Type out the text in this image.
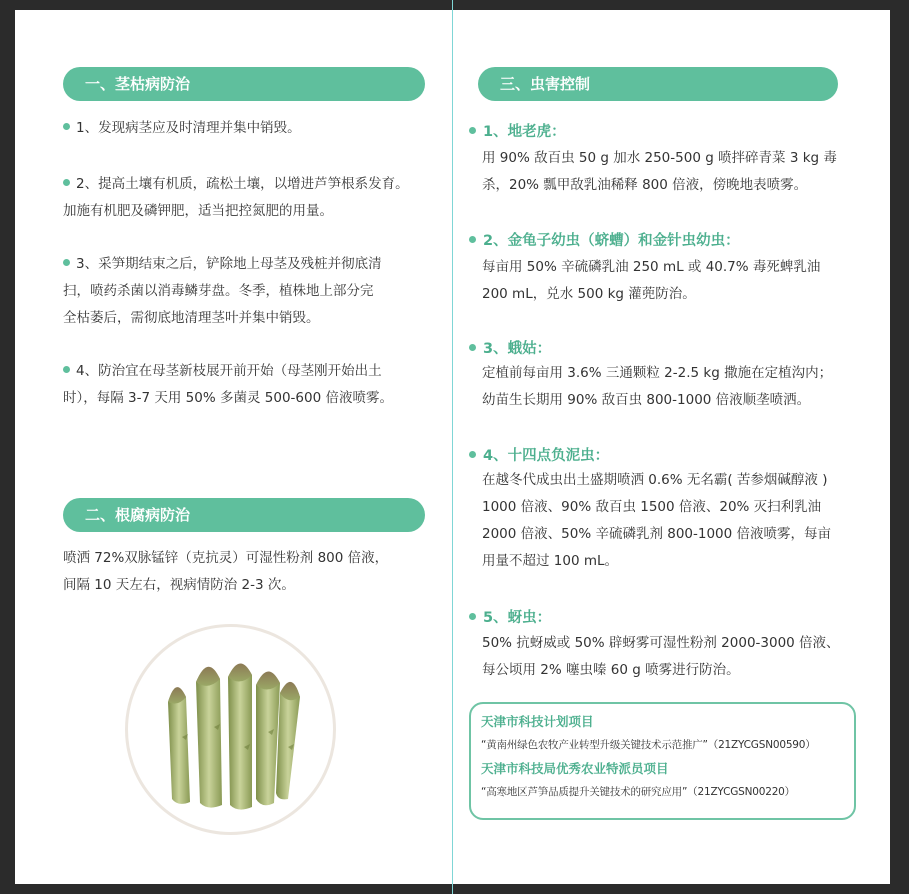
一、茎枯病防治
1、发现病茎应及时清理并集中销毁。
2、提高土壤有机质，疏松土壤，以增进芦笋根系发育。
加施有机肥及磷钾肥，适当把控氮肥的用量。
3、采笋期结束之后，铲除地上母茎及残桩并彻底清
扫，喷药杀菌以消毒鳞芽盘。冬季，植株地上部分完
全枯萎后，需彻底地清理茎叶并集中销毁。
4、防治宜在母茎新枝展开前开始（母茎刚开始出土
时），每隔 3-7 天用 50% 多菌灵 500-600 倍液喷雾。
二、根腐病防治
喷洒 72%双脉锰锌（克抗灵）可湿性粉剂 800 倍液，
间隔 10 天左右，视病情防治 2-3 次。
三、虫害控制
1、地老虎：
用 90% 敌百虫 50 g 加水 250-500 g 喷拌碎青菜 3 kg 毒
杀，20% 瓢甲敌乳油稀释 800 倍液，傍晚地表喷雾。
2、金龟子幼虫（蛴螬）和金针虫幼虫：
每亩用 50% 辛硫磷乳油 250 mL 或 40.7% 毒死蜱乳油
200 mL，兑水 500 kg 灌蔸防治。
3、蛾姑：
定植前每亩用 3.6% 三通颗粒 2-2.5 kg 撒施在定植沟内；
幼苗生长期用 90% 敌百虫 800-1000 倍液顺垄喷洒。
4、十四点负泥虫：
在越冬代成虫出土盛期喷洒 0.6% 无名霸( 苦参烟碱醇液 )
1000 倍液、90% 敌百虫 1500 倍液、20% 灭扫利乳油
2000 倍液、50% 辛硫磷乳剂 800-1000 倍液喷雾，每亩
用量不超过 100 mL。
5、蚜虫：
50% 抗蚜威或 50% 辟蚜雾可湿性粉剂 2000-3000 倍液、
每公顷用 2% 噻虫嗪 60 g 喷雾进行防治。
天津市科技计划项目
“黄南州绿色农牧产业转型升级关键技术示范推广”（21ZYCGSN00590）
天津市科技局优秀农业特派员项目
“高寒地区芦笋品质提升关键技术的研究应用”（21ZYCGSN00220）
